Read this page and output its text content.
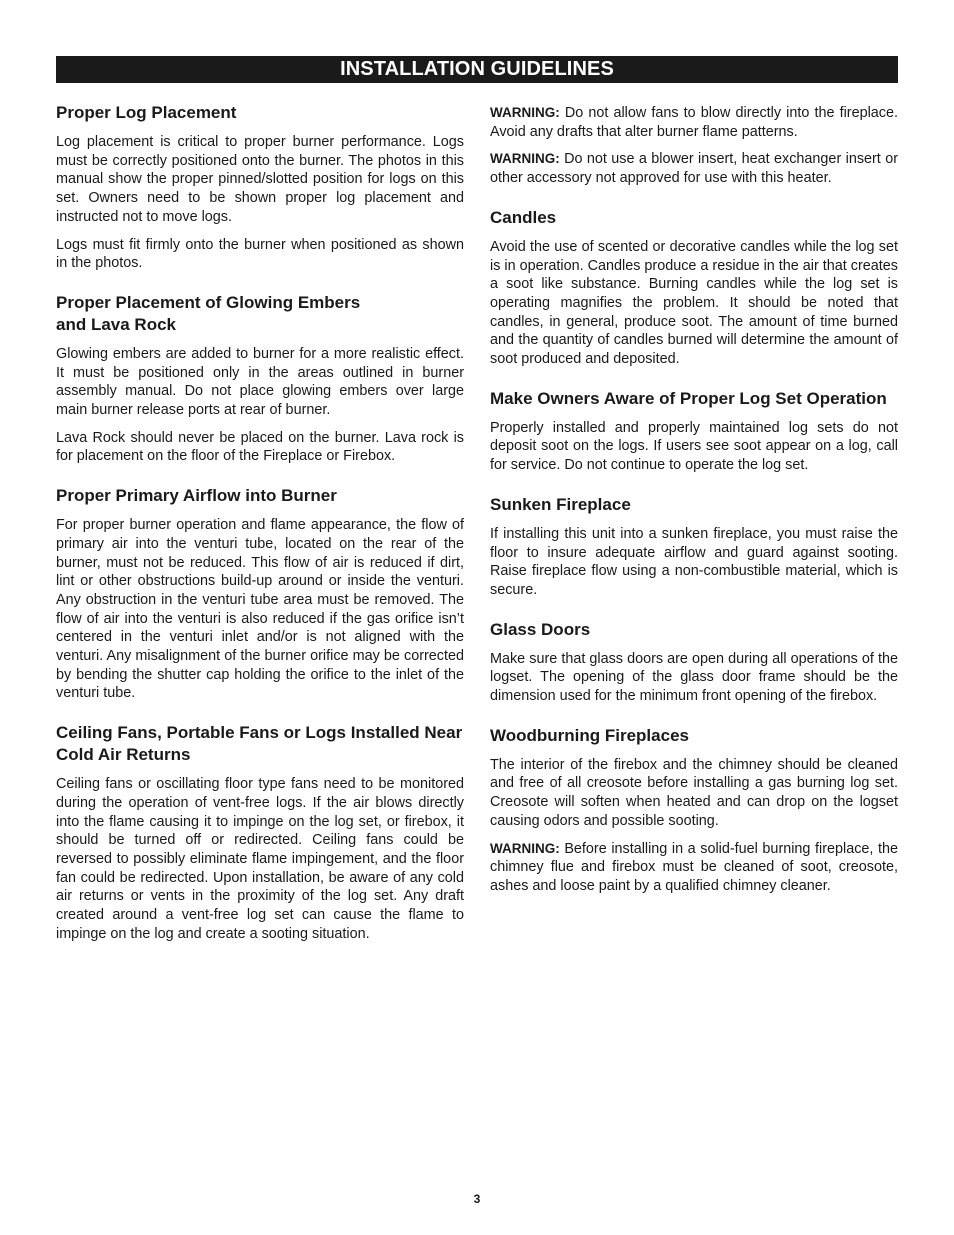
INSTALLATION GUIDELINES
Proper Log Placement

Log placement is critical to proper burner performance. Logs must be correctly positioned onto the burner. The photos in this manual show the proper pinned/slotted position for logs on this set. Owners need to be shown proper log placement and instructed not to move logs.

Logs must fit firmly onto the burner when positioned as shown in the photos.

Proper Placement of Glowing Embers
and Lava Rock

Glowing embers are added to burner for a more realistic effect. It must be positioned only in the areas outlined in burner assembly manual. Do not place glowing embers over large main burner release ports at rear of burner.

Lava Rock should never be placed on the burner. Lava rock is for placement on the floor of the Fireplace or Firebox.

Proper Primary Airflow into Burner

For proper burner operation and flame appearance, the flow of primary air into the venturi tube, located on the rear of the burner, must not be reduced. This flow of air is reduced if dirt, lint or other obstructions build-up around or inside the venturi. Any obstruction in the venturi tube area must be removed. The flow of air into the venturi is also reduced if the gas orifice isn’t centered in the venturi inlet and/or is not aligned with the venturi. Any misalignment of the burner orifice may be corrected by bending the shutter cap holding the orifice to the inlet of the venturi tube.

Ceiling Fans, Portable Fans or Logs Installed Near Cold Air Returns

Ceiling fans or oscillating floor type fans need to be monitored during the operation of vent-free logs. If the air blows directly into the flame causing it to impinge on the log set, or firebox, it should be turned off or redirected. Ceiling fans could be reversed to possibly eliminate flame impingement, and the floor fan could be redirected. Upon installation, be aware of any cold air returns or vents in the proximity of the log set. Any draft created around a vent-free log set can cause the flame to impinge on the log and create a sooting situation.

WARNING: Do not allow fans to blow directly into the fireplace. Avoid any drafts that alter burner flame patterns.

WARNING: Do not use a blower insert, heat exchanger insert or other accessory not approved for use with this heater.

Candles

Avoid the use of scented or decorative candles while the log set is in operation. Candles produce a residue in the air that creates a soot like substance. Burning candles while the log set is operating magnifies the problem. It should be noted that candles, in general, produce soot. The amount of time burned and the quantity of candles burned will determine the amount of soot produced and deposited.

Make Owners Aware of Proper Log Set Operation

Properly installed and properly maintained log sets do not deposit soot on the logs. If users see soot appear on a log, call for service. Do not continue to operate the log set.

Sunken Fireplace

If installing this unit into a sunken fireplace, you must raise the floor to insure adequate airflow and guard against sooting. Raise fireplace flow using a non-combustible material, which is secure.

Glass Doors

Make sure that glass doors are open during all operations of the logset. The opening of the glass door frame should be the dimension used for the minimum front opening of the firebox.

Woodburning Fireplaces

The interior of the firebox and the chimney should be cleaned and free of all creosote before installing a gas burning log set. Creosote will soften when heated and can drop on the logset causing odors and possible sooting.

WARNING: Before installing in a solid-fuel burning fireplace, the chimney flue and firebox must be cleaned of soot, creosote, ashes and loose paint by a qualified chimney cleaner.

3
